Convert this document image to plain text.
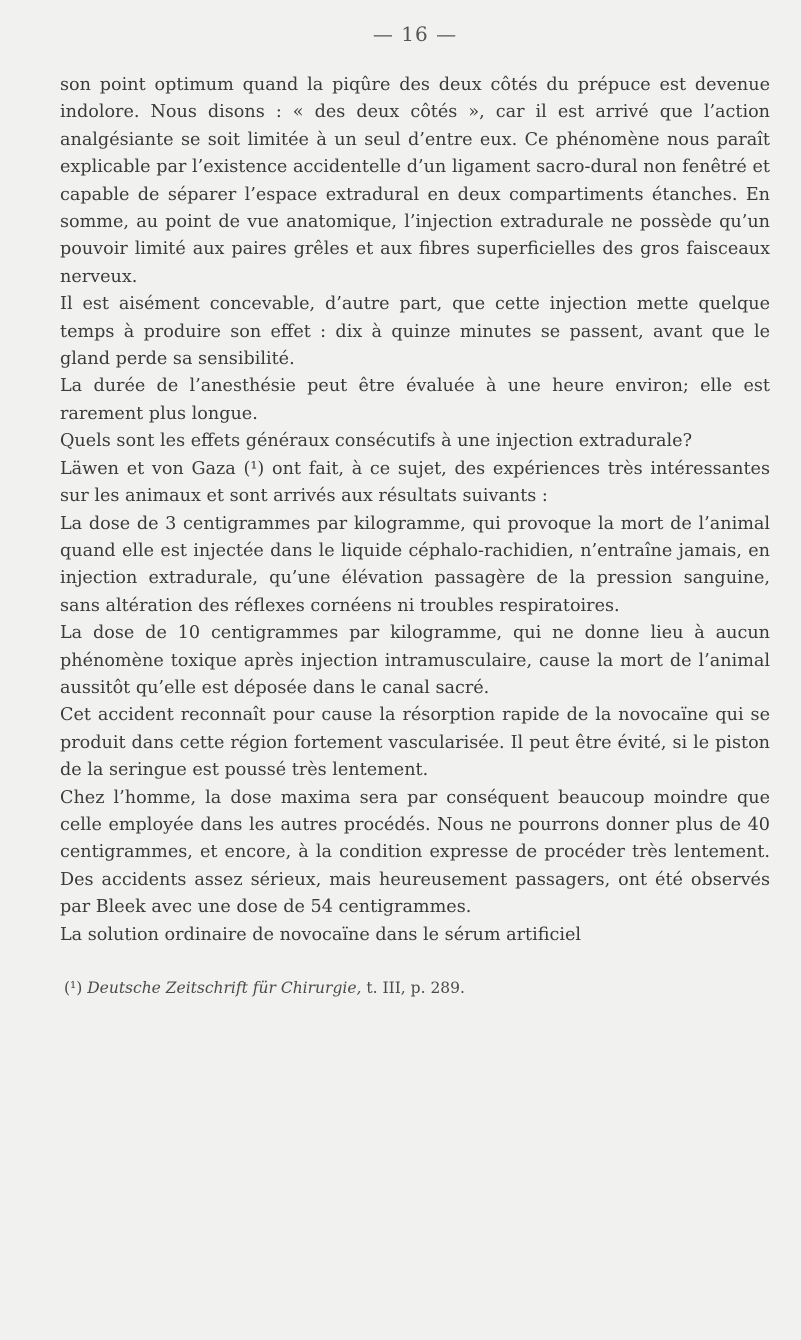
— 16 —

son point optimum quand la piqûre des deux côtés du prépuce est devenue indolore. Nous disons : « des deux côtés », car il est arrivé que l’action analgésiante se soit limitée à un seul d’entre eux. Ce phénomène nous paraît explicable par l’existence accidentelle d’un ligament sacro-dural non fenêtré et capable de séparer l’espace extradural en deux compartiments étanches. En somme, au point de vue anatomique, l’injection extradurale ne possède qu’un pouvoir limité aux paires grêles et aux fibres superficielles des gros faisceaux nerveux.

Il est aisément concevable, d’autre part, que cette injection mette quelque temps à produire son effet : dix à quinze minutes se passent, avant que le gland perde sa sensibilité.

La durée de l’anesthésie peut être évaluée à une heure environ; elle est rarement plus longue.

Quels sont les effets généraux consécutifs à une injection extradurale?

Läwen et von Gaza (¹) ont fait, à ce sujet, des expériences très intéressantes sur les animaux et sont arrivés aux résultats suivants :

La dose de 3 centigrammes par kilogramme, qui provoque la mort de l’animal quand elle est injectée dans le liquide céphalo-rachidien, n’entraîne jamais, en injection extradurale, qu’une élévation passagère de la pression sanguine, sans altération des réflexes cornéens ni troubles respiratoires.

La dose de 10 centigrammes par kilogramme, qui ne donne lieu à aucun phénomène toxique après injection intramusculaire, cause la mort de l’animal aussitôt qu’elle est déposée dans le canal sacré.

Cet accident reconnaît pour cause la résorption rapide de la novocaïne qui se produit dans cette région fortement vascularisée. Il peut être évité, si le piston de la seringue est poussé très lentement.

Chez l’homme, la dose maxima sera par conséquent beaucoup moindre que celle employée dans les autres procédés. Nous ne pourrons donner plus de 40 centigrammes, et encore, à la condition expresse de procéder très lentement. Des accidents assez sérieux, mais heureusement passagers, ont été observés par Bleek avec une dose de 54 centigrammes.

La solution ordinaire de novocaïne dans le sérum artificiel

(¹) Deutsche Zeitschrift für Chirurgie, t. III, p. 289.
